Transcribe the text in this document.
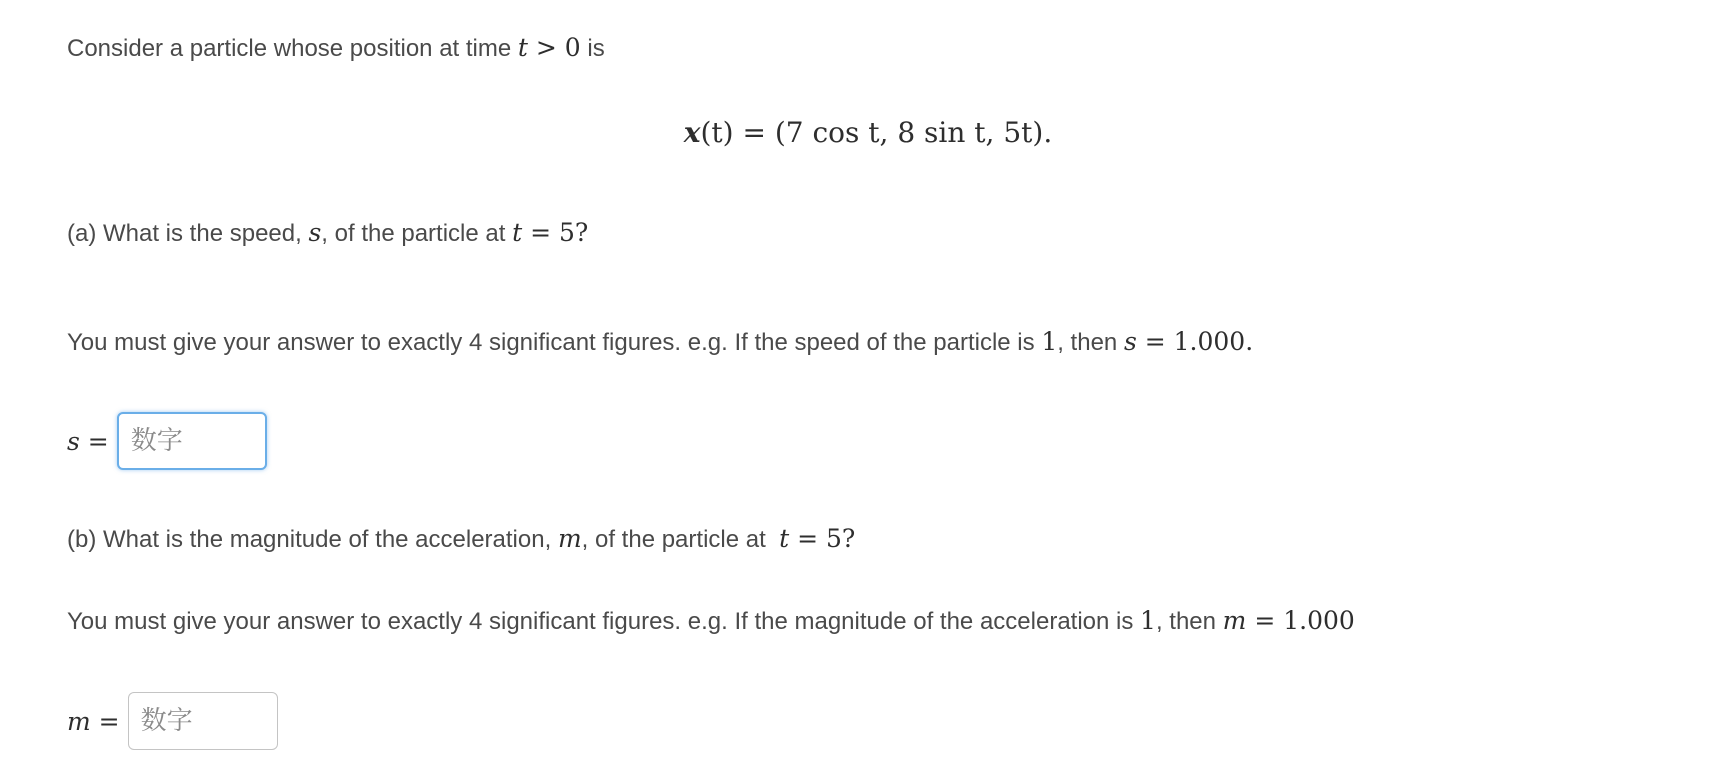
Consider a particle whose position at time t > 0 is
x(t) = (7 cos t, 8 sin t, 5t).
(a) What is the speed, s, of the particle at t = 5?
You must give your answer to exactly 4 significant figures. e.g. If the speed of the particle is 1, then s = 1.000.
s =
数字
(b) What is the magnitude of the acceleration, m, of the particle at t = 5?
You must give your answer to exactly 4 significant figures. e.g. If the magnitude of the acceleration is 1, then m = 1.000
m =
数字
